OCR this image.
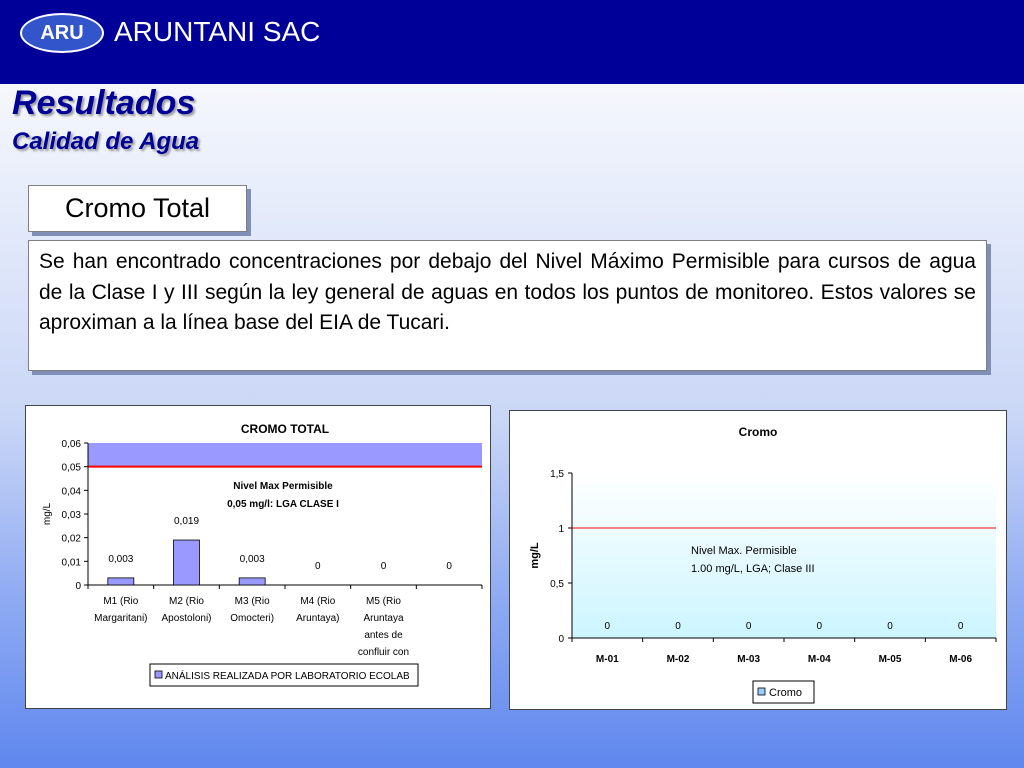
ARU	ARUNTANI SAC
Resultados
Calidad de Agua
Cromo Total
Se han encontrado concentraciones por debajo del Nivel Máximo Permisible para cursos de agua de la Clase I y III según la ley general de aguas en todos los puntos de monitoreo. Estos valores se aproximan a la línea base del EIA de Tucari.
CROMO TOTAL
0
0,01
0,02
0,03
0,04
0,05
0,06
mg/L
0,003
M1 (Rio
Margaritani)
0,019
M2 (Rio
Apostoloni)
0,003
M3 (Rio
Omocteri)
0
M4 (Rio
Aruntaya)
0
M5 (Rio
Aruntaya
antes de
confluir con
0
Nivel Max Permisible
0,05 mg/l: LGA CLASE I
ANÁLISIS REALIZADA POR LABORATORIO ECOLAB
Cromo
0
0,5
1
1,5
mg/L
0
M-01
0
M-02
0
M-03
0
M-04
0
M-05
0
M-06
Nivel Max. Permisible
1.00 mg/L, LGA; Clase III
Cromo
